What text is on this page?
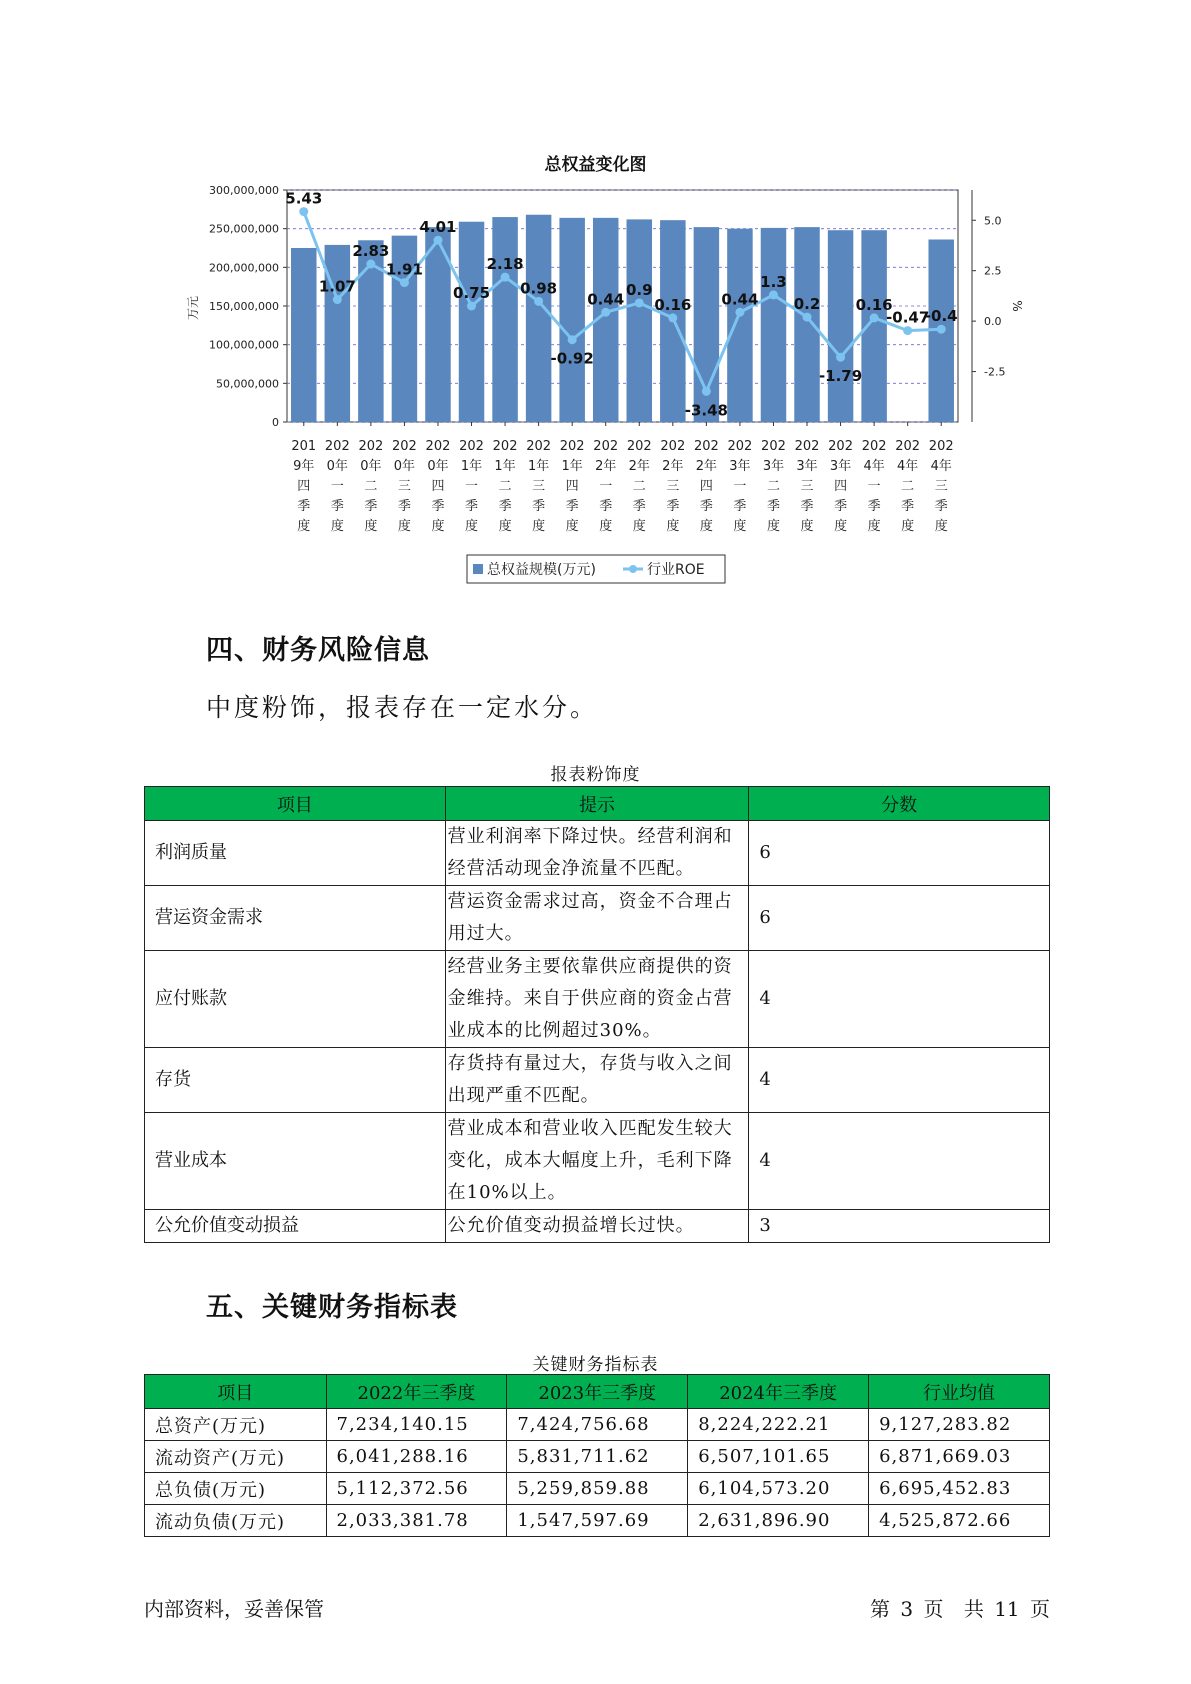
总权益变化图
300,000,000
250,000,000
200,000,000
150,000,000
100,000,000
50,000,000
0
5.0
2.5
0.0
-2.5
万元	%
5.43
1.07
2.83
1.91
4.01
0.75
2.18
0.98
-0.92
0.44
0.9
0.16
-3.48
0.44
1.3
0.2
-1.79
0.16
-0.47
-0.4
201
9年
四
季
度
202
0年
一
季
度
202
0年
二
季
度
202
0年
三
季
度
202
0年
四
季
度
202
1年
一
季
度
202
1年
二
季
度
202
1年
三
季
度
202
1年
四
季
度
202
2年
一
季
度
202
2年
二
季
度
202
2年
三
季
度
202
2年
四
季
度
202
3年
一
季
度
202
3年
二
季
度
202
3年
三
季
度
202
3年
四
季
度
202
4年
一
季
度
202
4年
二
季
度
202
4年
三
季
度
总权益规模(万元)	行业ROE
四、财务风险信息
中度粉饰，报表存在一定水分。
报表粉饰度
项目	提示	分数
利润质量	营业利润率下降过快。经营利润和经营活动现金净流量不匹配。	6
营运资金需求	营运资金需求过高，资金不合理占用过大。	6
应付账款	经营业务主要依靠供应商提供的资金维持。来自于供应商的资金占营业成本的比例超过30%。	4
存货	存货持有量过大，存货与收入之间出现严重不匹配。	4
营业成本	营业成本和营业收入匹配发生较大变化，成本大幅度上升，毛利下降在10%以上。	4
公允价值变动损益	公允价值变动损益增长过快。	3
五、关键财务指标表
关键财务指标表
项目	2022年三季度	2023年三季度	2024年三季度	行业均值
总资产(万元)	7,234,140.15	7,424,756.68	8,224,222.21	9,127,283.82
流动资产(万元)	6,041,288.16	5,831,711.62	6,507,101.65	6,871,669.03
总负债(万元)	5,112,372.56	5,259,859.88	6,104,573.20	6,695,452.83
流动负债(万元)	2,033,381.78	1,547,597.69	2,631,896.90	4,525,872.66
内部资料，妥善保管	第 3 页 共 11 页
